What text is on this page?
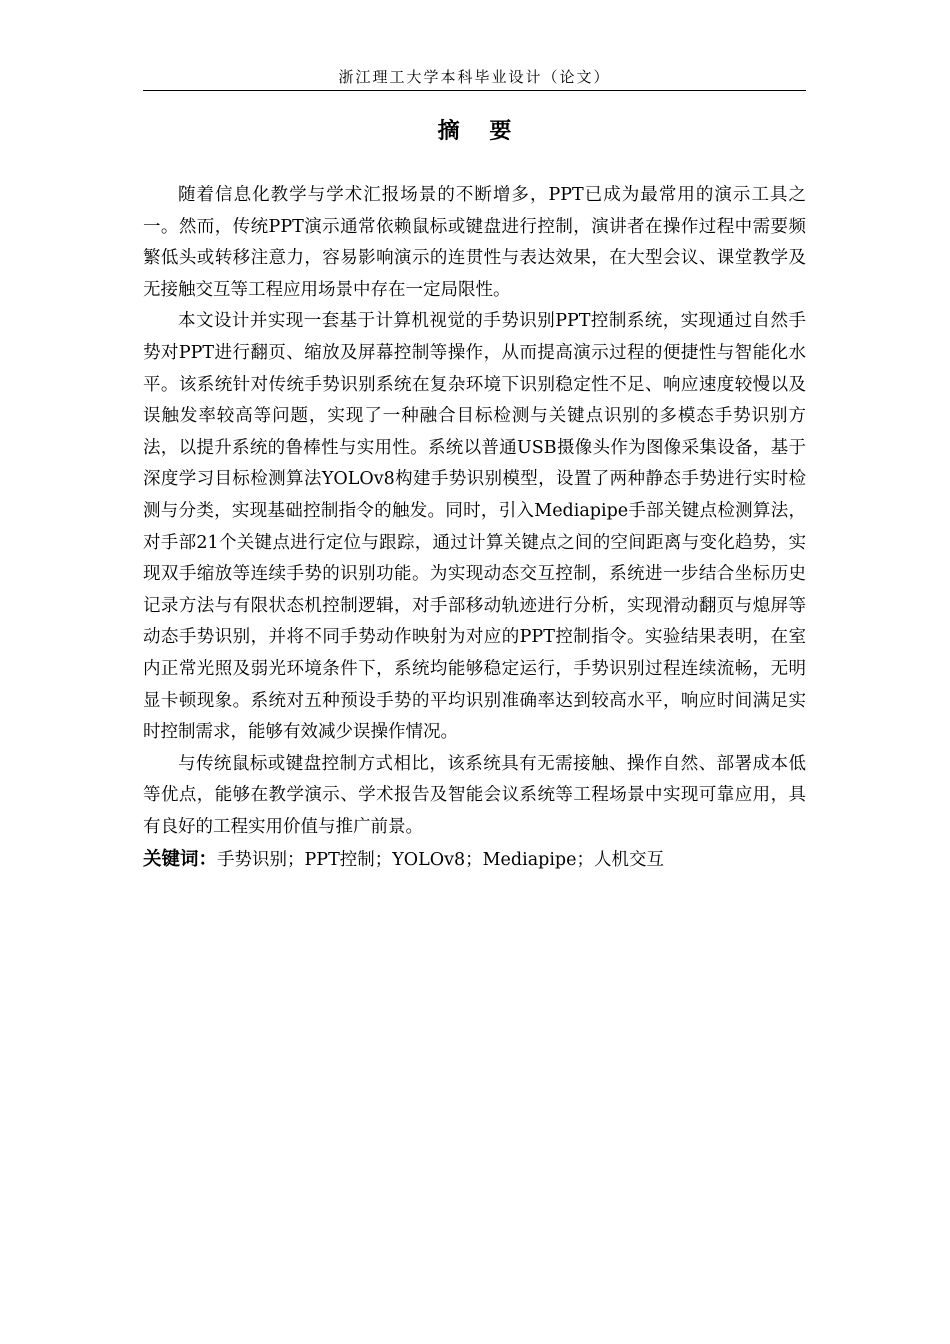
浙江理工大学本科毕业设计（论文）
摘 要

随着信息化教学与学术汇报场景的不断增多，PPT已成为最常用的演示工具之一。然而，传统PPT演示通常依赖鼠标或键盘进行控制，演讲者在操作过程中需要频繁低头或转移注意力，容易影响演示的连贯性与表达效果，在大型会议、课堂教学及无接触交互等工程应用场景中存在一定局限性。

本文设计并实现一套基于计算机视觉的手势识别PPT控制系统，实现通过自然手势对PPT进行翻页、缩放及屏幕控制等操作，从而提高演示过程的便捷性与智能化水平。该系统针对传统手势识别系统在复杂环境下识别稳定性不足、响应速度较慢以及误触发率较高等问题，实现了一种融合目标检测与关键点识别的多模态手势识别方法，以提升系统的鲁棒性与实用性。系统以普通USB摄像头作为图像采集设备，基于深度学习目标检测算法YOLOv8构建手势识别模型，设置了两种静态手势进行实时检测与分类，实现基础控制指令的触发。同时，引入Mediapipe手部关键点检测算法，对手部21个关键点进行定位与跟踪，通过计算关键点之间的空间距离与变化趋势，实现双手缩放等连续手势的识别功能。为实现动态交互控制，系统进一步结合坐标历史记录方法与有限状态机控制逻辑，对手部移动轨迹进行分析，实现滑动翻页与熄屏等动态手势识别，并将不同手势动作映射为对应的PPT控制指令。实验结果表明，在室内正常光照及弱光环境条件下，系统均能够稳定运行，手势识别过程连续流畅，无明显卡顿现象。系统对五种预设手势的平均识别准确率达到较高水平，响应时间满足实时控制需求，能够有效减少误操作情况。

与传统鼠标或键盘控制方式相比，该系统具有无需接触、操作自然、部署成本低等优点，能够在教学演示、学术报告及智能会议系统等工程场景中实现可靠应用，具有良好的工程实用价值与推广前景。

关键词：手势识别；PPT控制；YOLOv8；Mediapipe；人机交互
